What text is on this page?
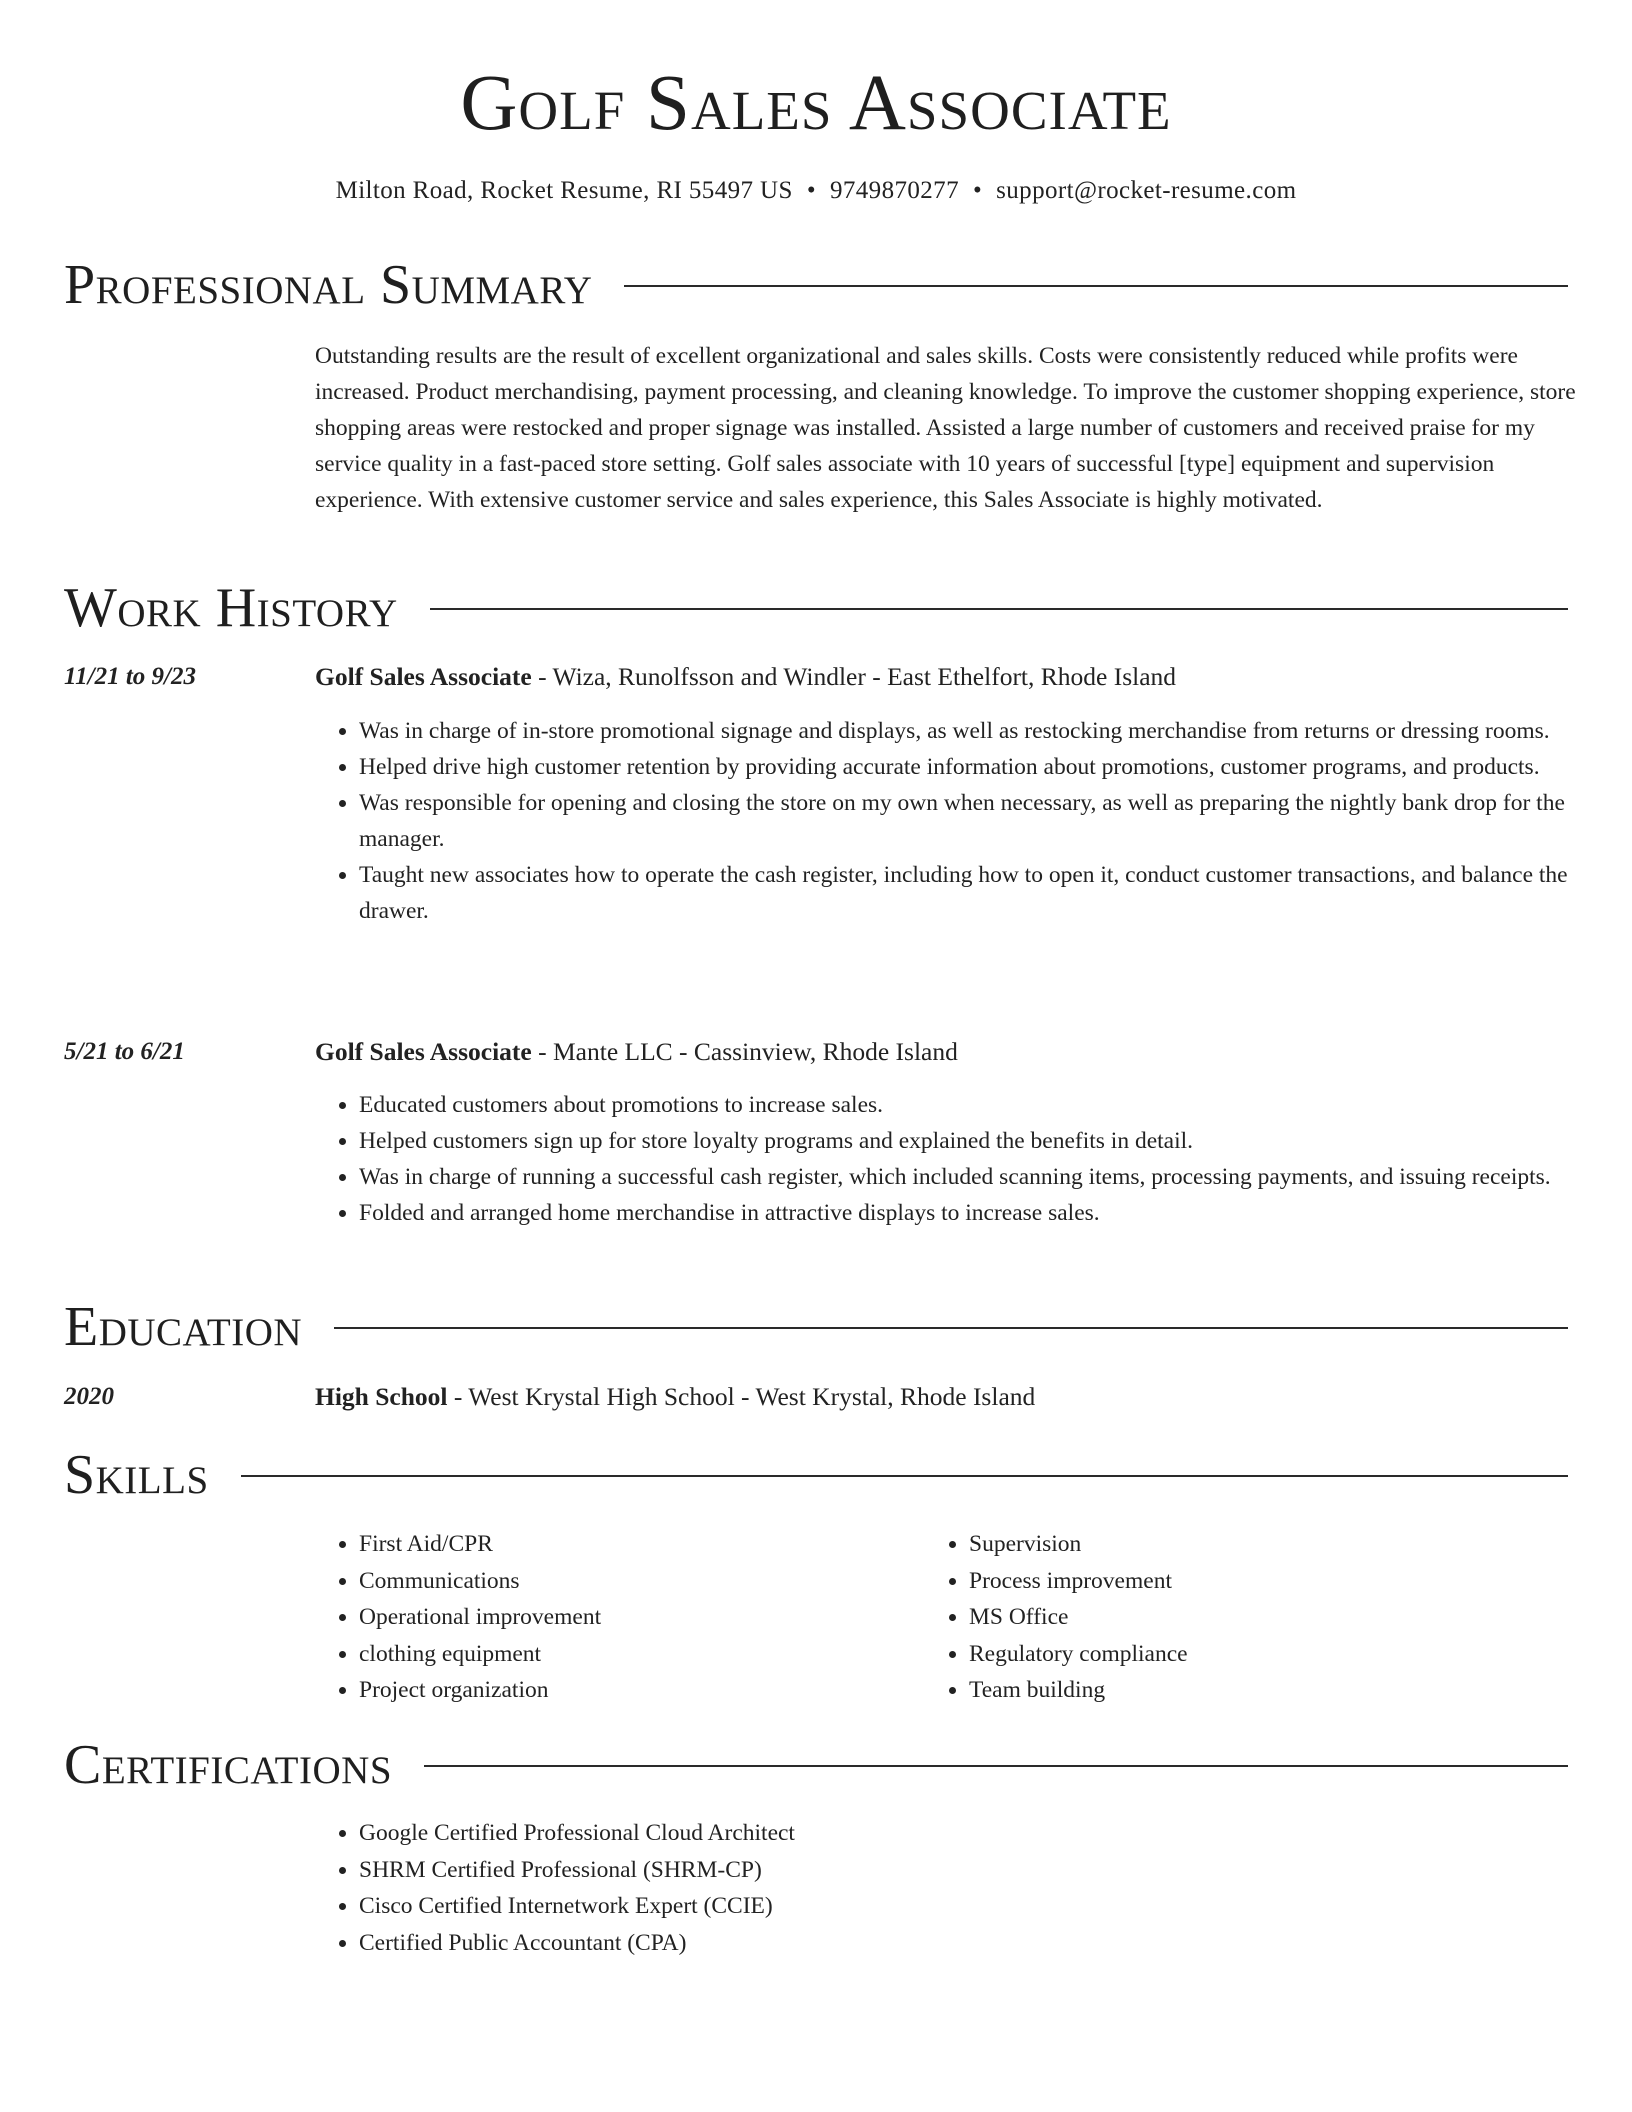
Golf Sales Associate
Milton Road, Rocket Resume, RI 55497 US • 9749870277 • support@rocket-resume.com
Professional Summary

Outstanding results are the result of excellent organizational and sales skills. Costs were consistently reduced while profits were increased. Product merchandising, payment processing, and cleaning knowledge. To improve the customer shopping experience, store shopping areas were restocked and proper signage was installed. Assisted a large number of customers and received praise for my service quality in a fast-paced store setting. Golf sales associate with 10 years of successful [type] equipment and supervision experience. With extensive customer service and sales experience, this Sales Associate is highly motivated.

Work History
11/21 to 9/23	Golf Sales Associate - Wiza, Runolfsson and Windler - East Ethelfort, Rhode Island
• Was in charge of in-store promotional signage and displays, as well as restocking merchandise from returns or dressing rooms.
• Helped drive high customer retention by providing accurate information about promotions, customer programs, and products.
• Was responsible for opening and closing the store on my own when necessary, as well as preparing the nightly bank drop for the manager.
• Taught new associates how to operate the cash register, including how to open it, conduct customer transactions, and balance the drawer.
5/21 to 6/21	Golf Sales Associate - Mante LLC - Cassinview, Rhode Island
• Educated customers about promotions to increase sales.
• Helped customers sign up for store loyalty programs and explained the benefits in detail.
• Was in charge of running a successful cash register, which included scanning items, processing payments, and issuing receipts.
• Folded and arranged home merchandise in attractive displays to increase sales.
Education
2020	High School - West Krystal High School - West Krystal, Rhode Island
Skills
• First Aid/CPR
• Communications
• Operational improvement
• clothing equipment
• Project organization
• Supervision
• Process improvement
• MS Office
• Regulatory compliance
• Team building
Certifications
• Google Certified Professional Cloud Architect
• SHRM Certified Professional (SHRM-CP)
• Cisco Certified Internetwork Expert (CCIE)
• Certified Public Accountant (CPA)
